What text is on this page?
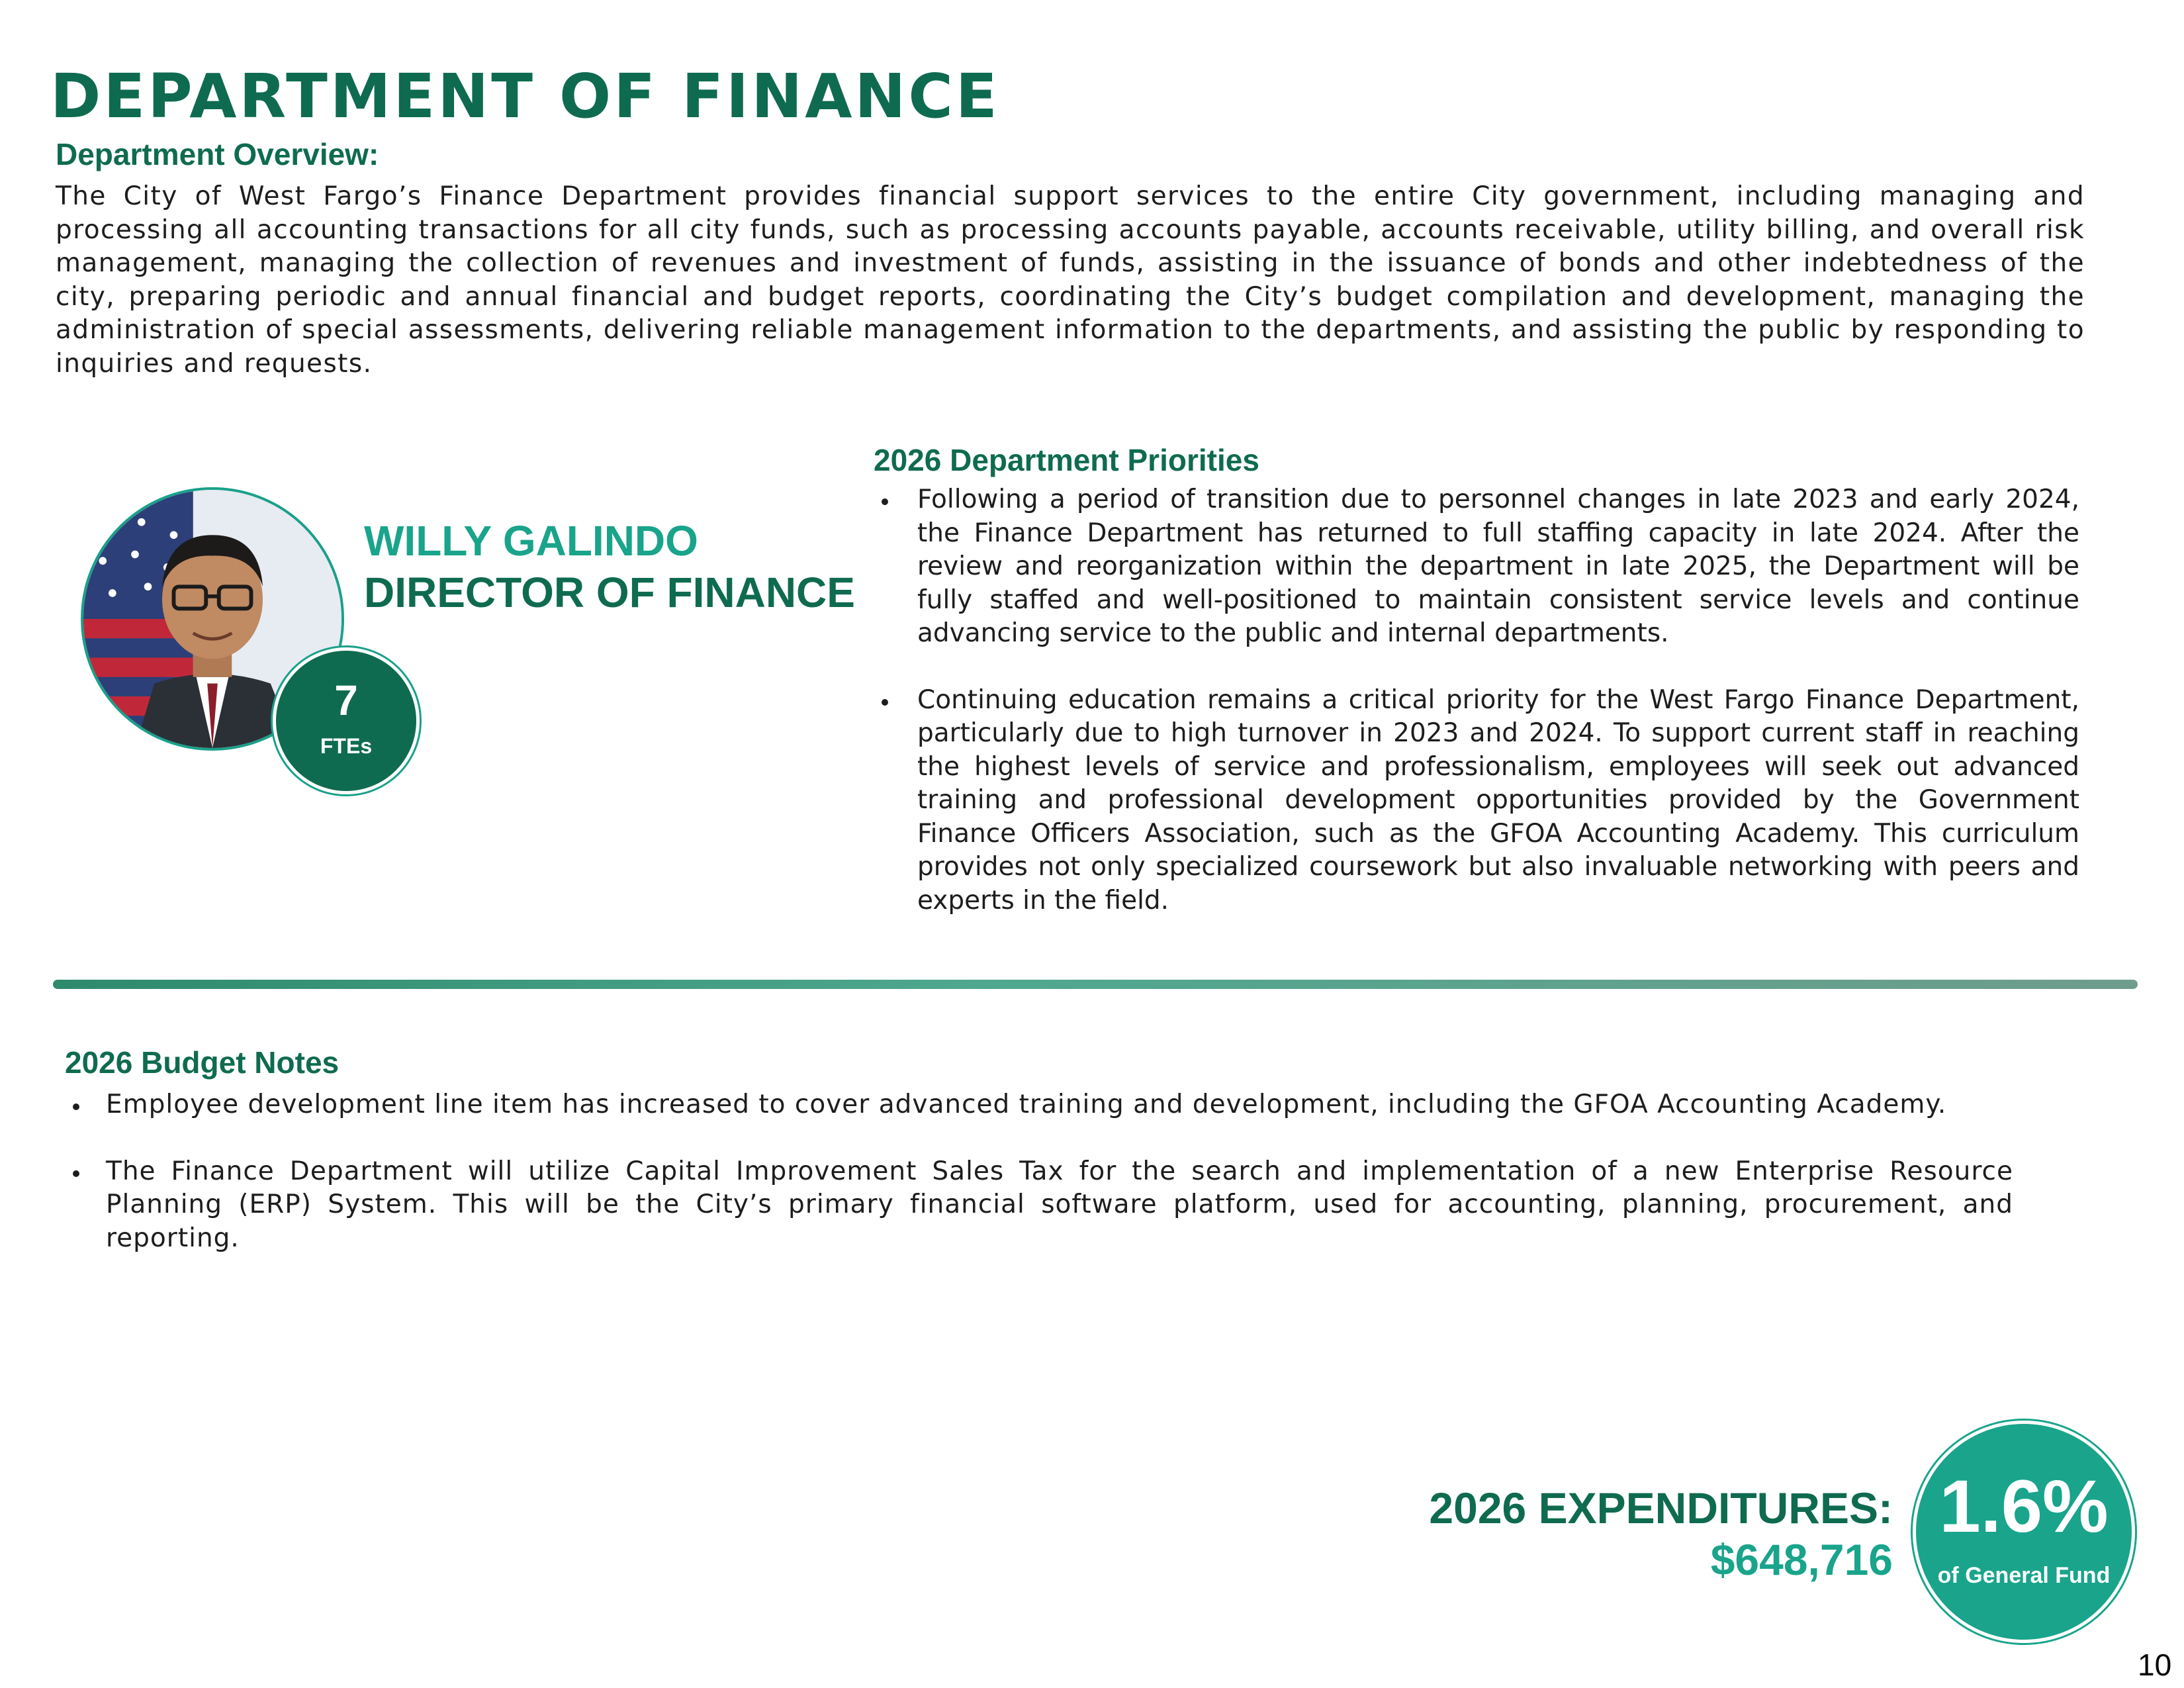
DEPARTMENT OF FINANCE
Department Overview:
The City of West Fargo’s Finance Department provides financial support services to the entire City government, including managing and processing all accounting transactions for all city funds, such as processing accounts payable, accounts receivable, utility billing, and overall risk management, managing the collection of revenues and investment of funds, assisting in the issuance of bonds and other indebtedness of the city, preparing periodic and annual financial and budget reports, coordinating the City’s budget compilation and development, managing the administration of special assessments, delivering reliable management information to the departments, and assisting the public by responding to inquiries and requests.
7
FTEs
WILLY GALINDO
DIRECTOR OF FINANCE
2026 Department Priorities
Following a period of transition due to personnel changes in late 2023 and early 2024, the Finance Department has returned to full staffing capacity in late 2024. After the review and reorganization within the department in late 2025, the Department will be fully staffed and well-positioned to maintain consistent service levels and continue advancing service to the public and internal departments.
Continuing education remains a critical priority for the West Fargo Finance Department, particularly due to high turnover in 2023 and 2024. To support current staff in reaching the highest levels of service and professionalism, employees will seek out advanced training and professional development opportunities provided by the Government Finance Officers Association, such as the GFOA Accounting Academy. This curriculum provides not only specialized coursework but also invaluable networking with peers and experts in the field.
2026 Budget Notes
Employee development line item has increased to cover advanced training and development, including the GFOA Accounting Academy.
The Finance Department will utilize Capital Improvement Sales Tax for the search and implementation of a new Enterprise Resource Planning (ERP) System. This will be the City’s primary financial software platform, used for accounting, planning, procurement, and reporting.
2026 EXPENDITURES:
$648,716
1.6%
of General Fund
10
